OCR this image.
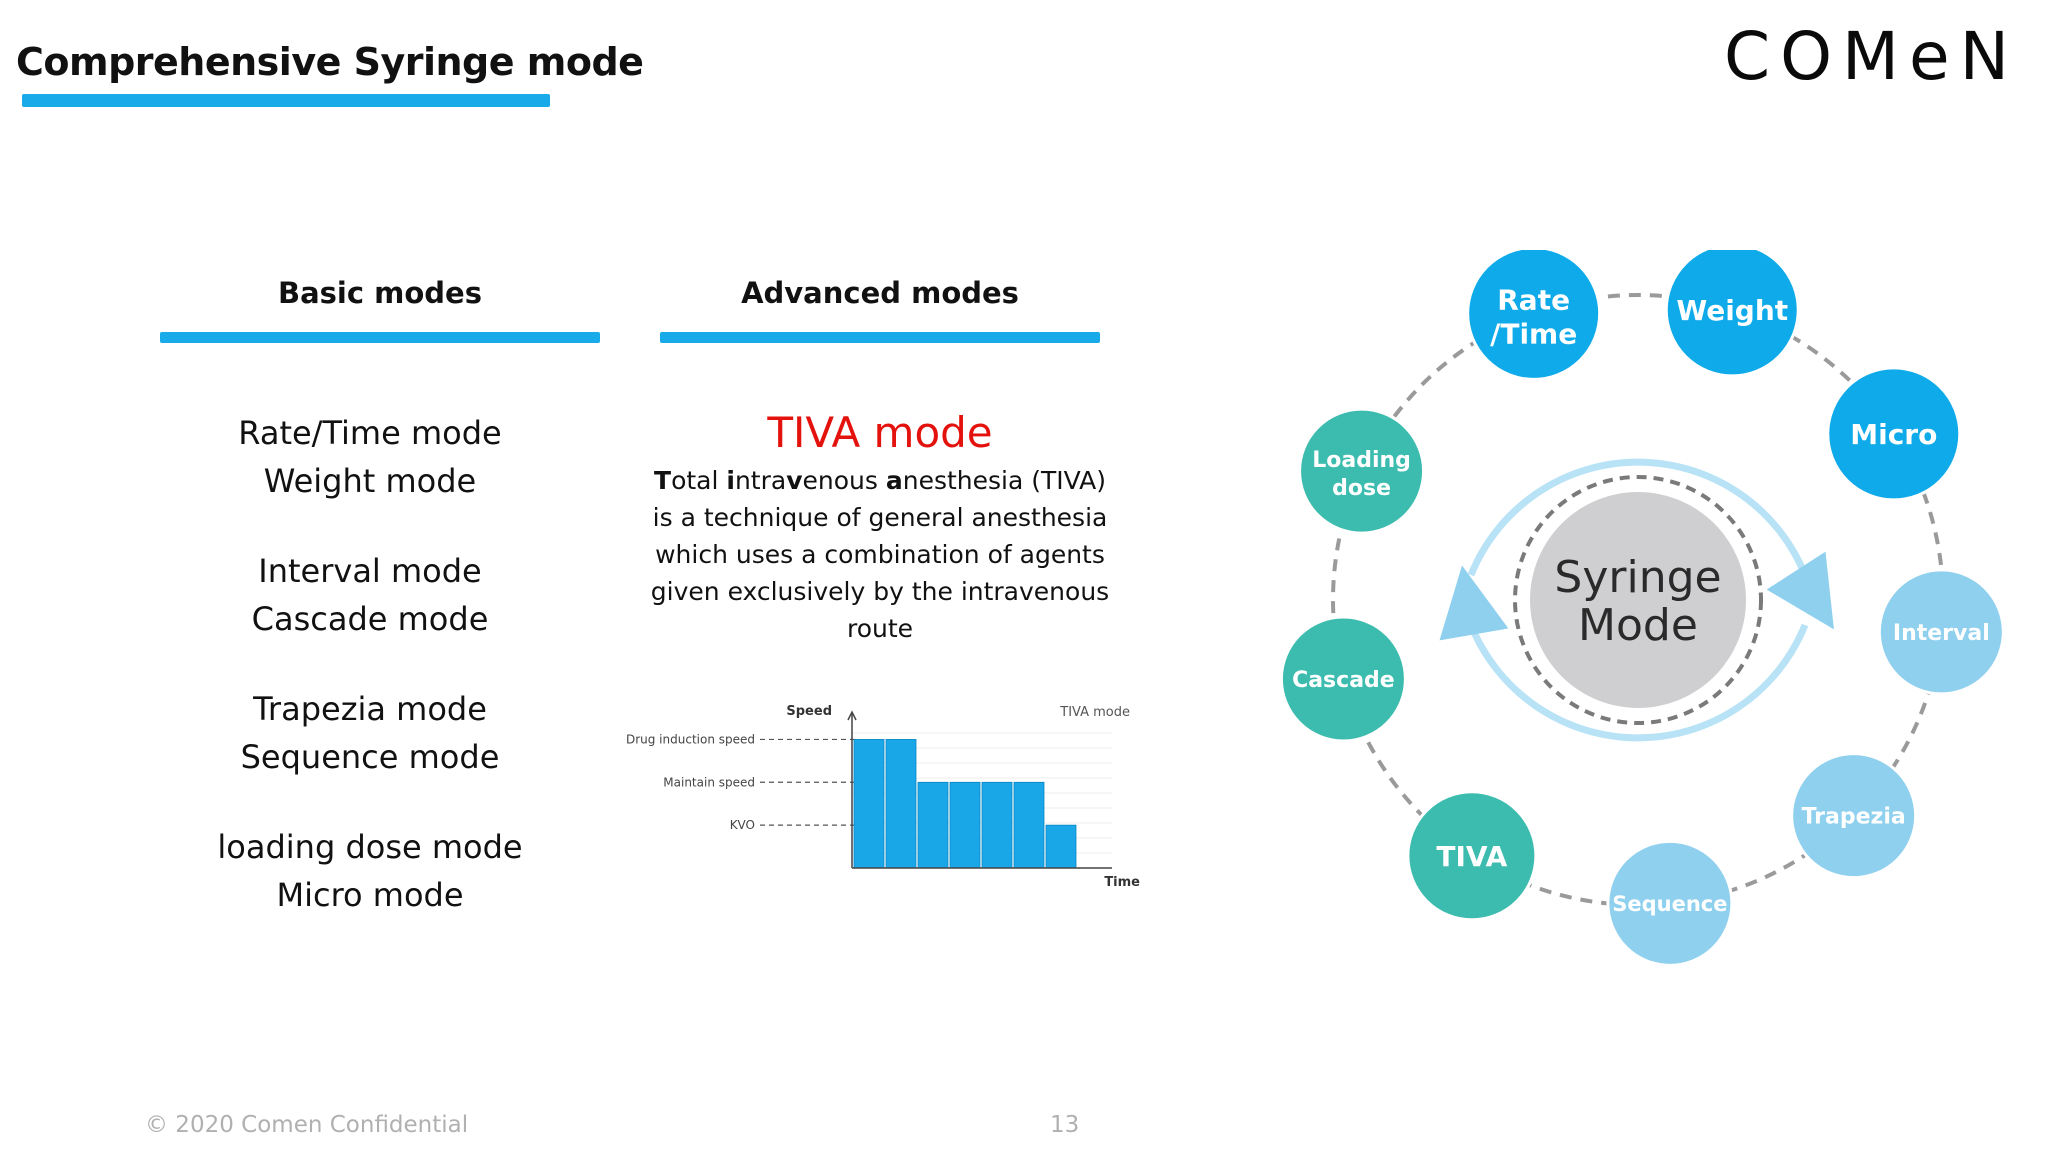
Comprehensive Syringe mode	COMeN
Basic modes
Rate/Time mode
Weight mode
Interval mode
Cascade mode
Trapezia mode
Sequence mode
loading dose mode
Micro mode
Advanced modes
TIVA mode
Total intravenous anesthesia (TIVA) is a technique of general anesthesia which uses a combination of agents given exclusively by the intravenous route
Speed
Time
TIVA mode
Drug induction speed
Maintain speed
KVO
Syringe
Mode
Rate
/Time
Weight
Micro
Interval
Trapezia
Sequence
TIVA
Cascade
Loading
dose
© 2020 Comen Confidential	13
